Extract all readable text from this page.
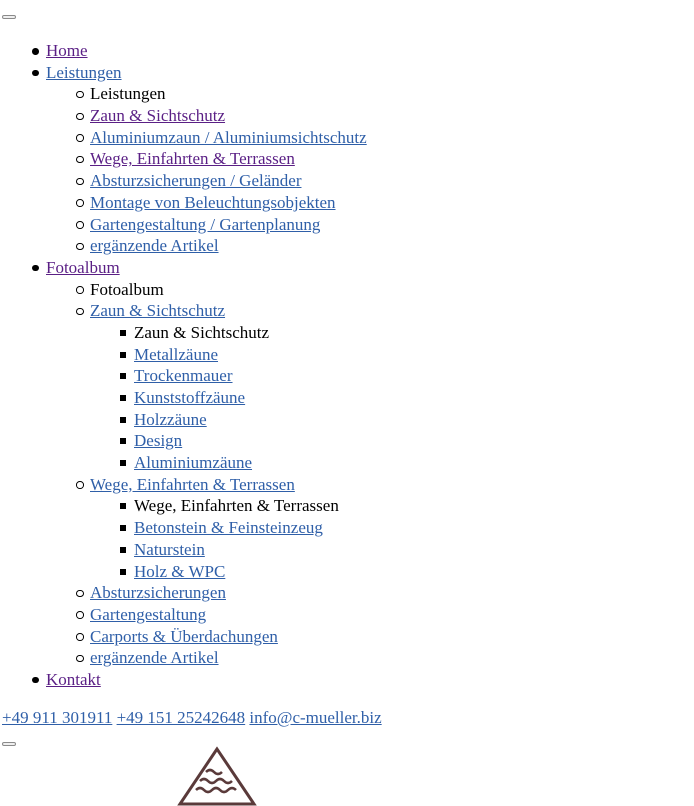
Home
Leistungen
Leistungen
Zaun & Sichtschutz
Aluminiumzaun / Aluminiumsichtschutz
Wege, Einfahrten & Terrassen
Absturzsicherungen / Geländer
Montage von Beleuchtungsobjekten
Gartengestaltung / Gartenplanung
ergänzende Artikel
Fotoalbum
Fotoalbum
Zaun & Sichtschutz
Zaun & Sichtschutz
Metallzäune
Trockenmauer
Kunststoffzäune
Holzzäune
Design
Aluminiumzäune
Wege, Einfahrten & Terrassen
Wege, Einfahrten & Terrassen
Betonstein & Feinsteinzeug
Naturstein
Holz & WPC
Absturzsicherungen
Gartengestaltung
Carports & Überdachungen
ergänzende Artikel
Kontakt
+49 911 301911 +49 151 25242648 info@c-mueller.biz
